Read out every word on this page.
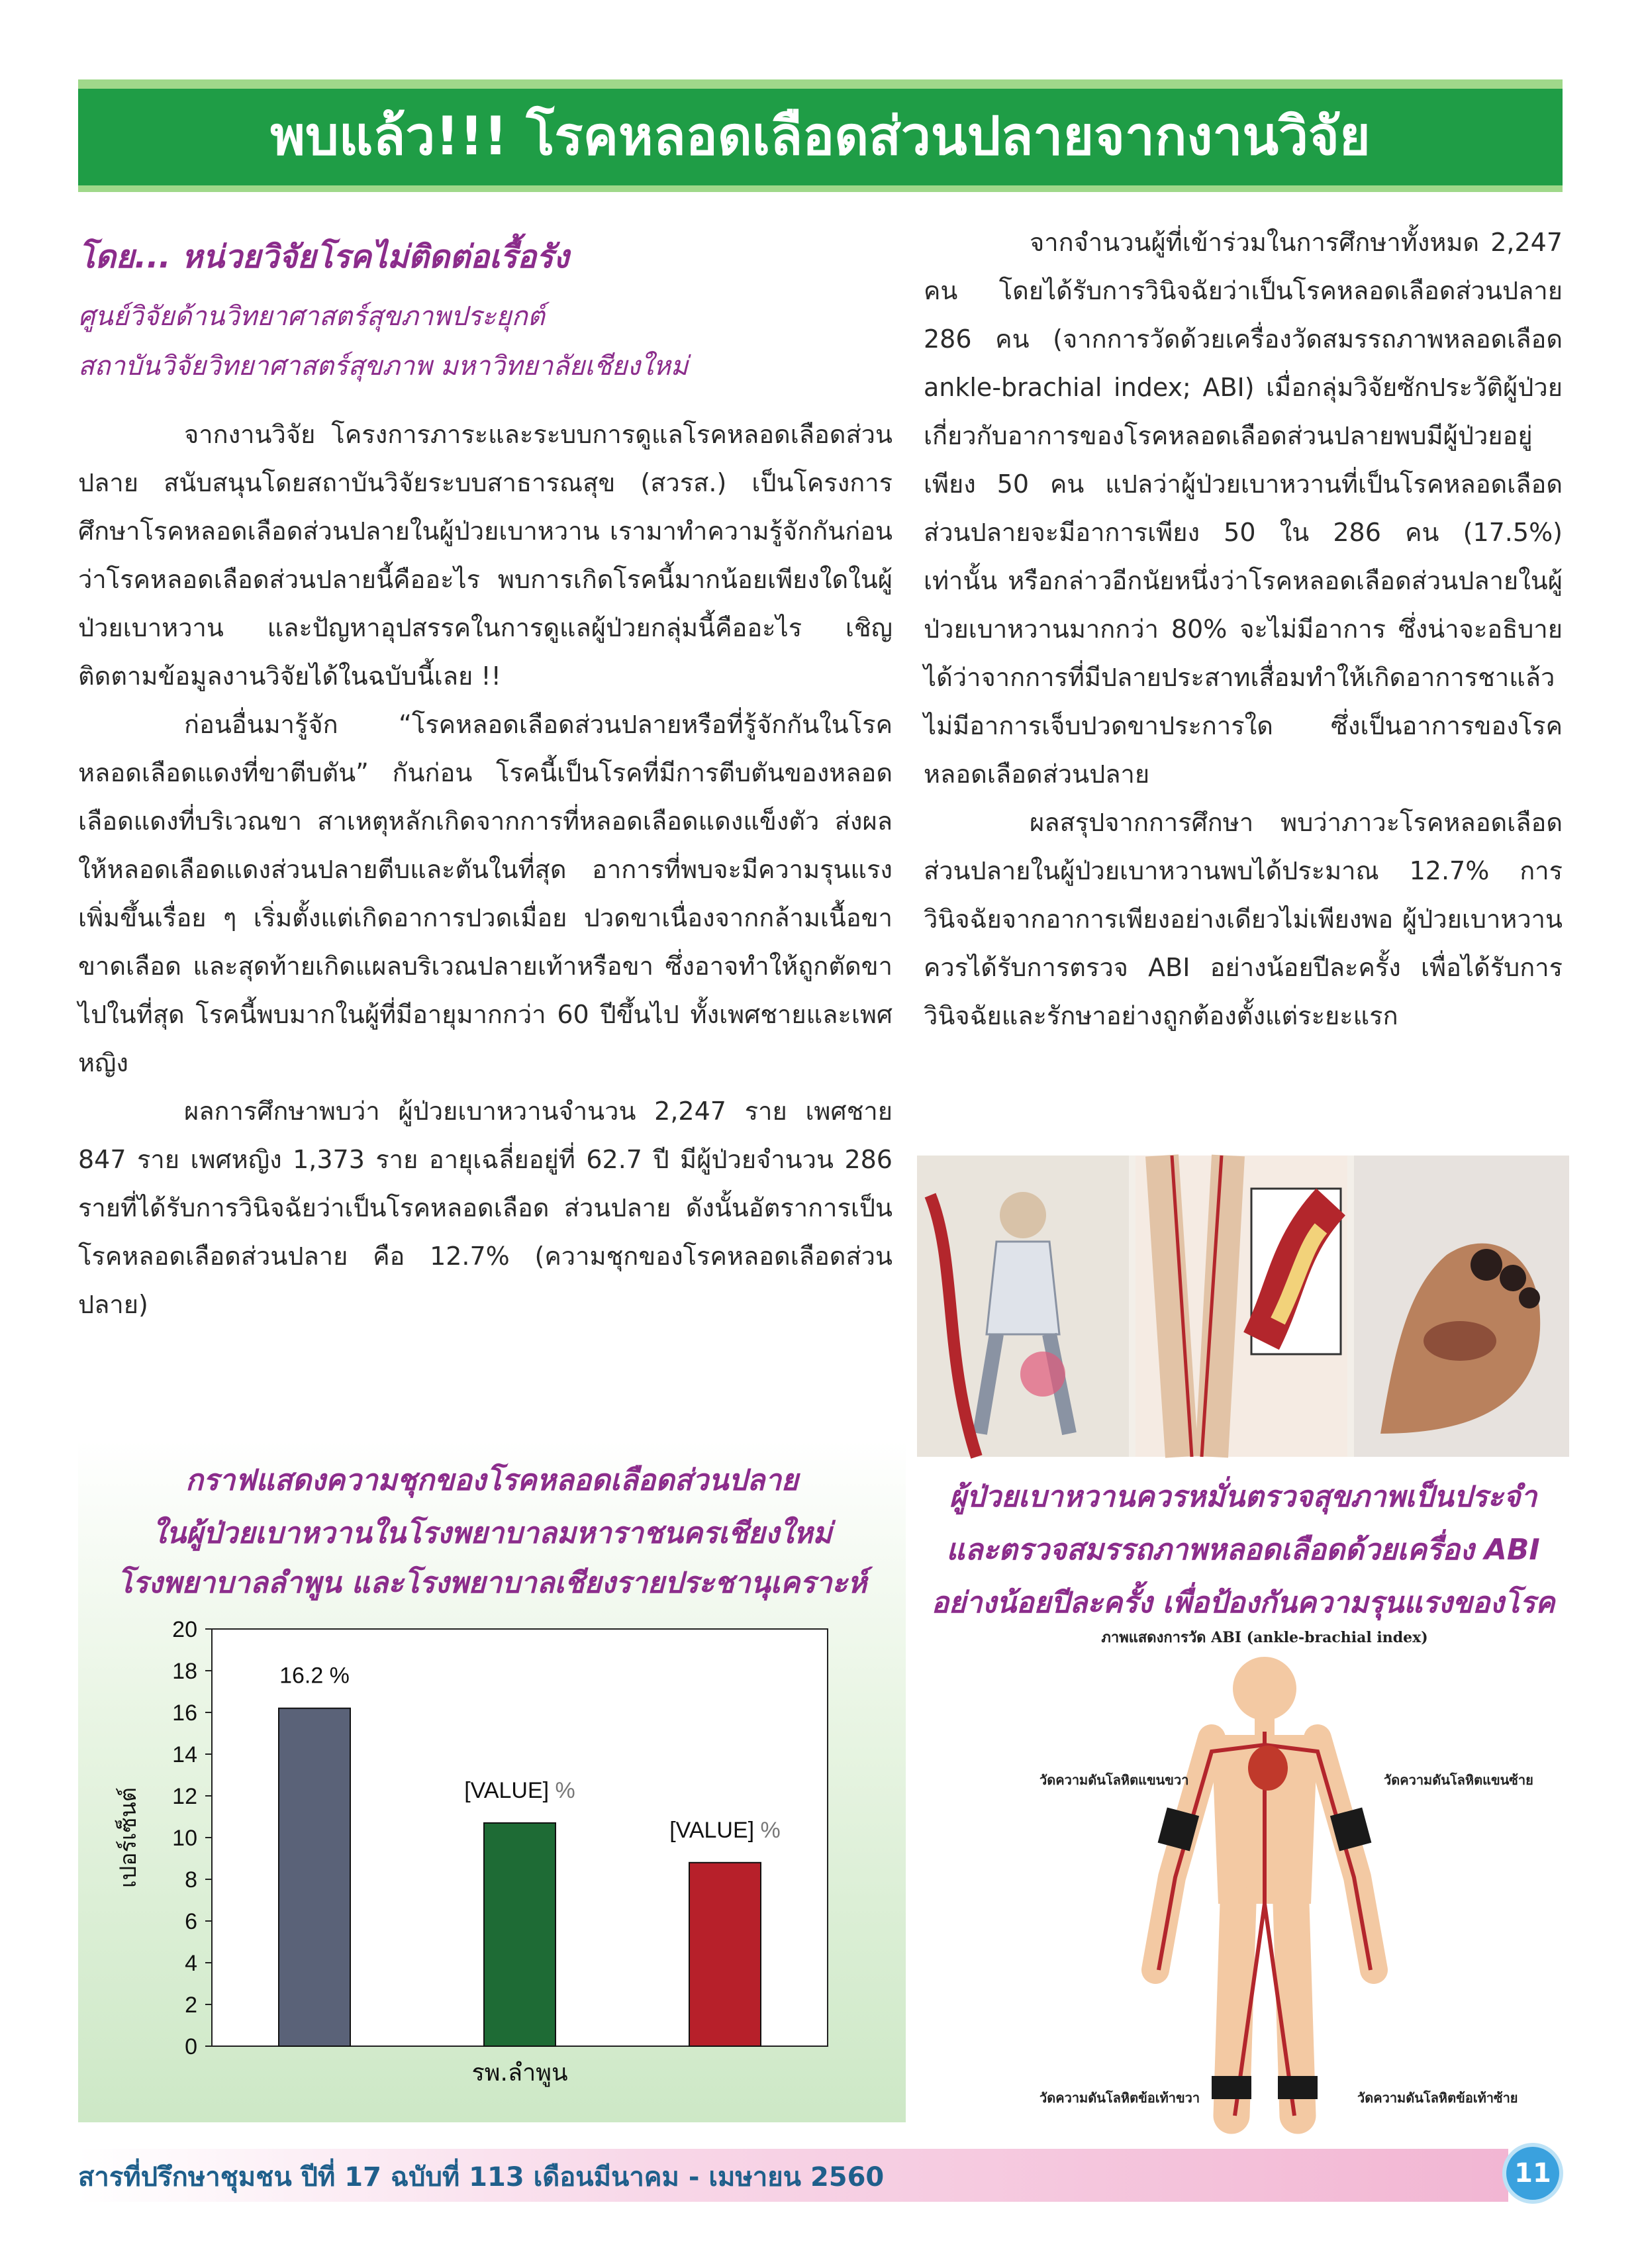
พบแล้ว!!! โรคหลอดเลือดส่วนปลายจากงานวิจัย
โดย... หน่วยวิจัยโรคไม่ติดต่อเรื้อรัง
ศูนย์วิจัยด้านวิทยาศาสตร์สุขภาพประยุกต์
สถาบันวิจัยวิทยาศาสตร์สุขภาพ มหาวิทยาลัยเชียงใหม่

จากงานวิจัย โครงการภาระและระบบการดูแลโรคหลอดเลือดส่วนปลาย สนับสนุนโดยสถาบันวิจัยระบบสาธารณสุข (สวรส.) เป็นโครงการศึกษาโรคหลอดเลือดส่วนปลายในผู้ป่วยเบาหวาน เรามาทำความรู้จักกันก่อนว่าโรคหลอดเลือดส่วนปลายนี้คืออะไร พบการเกิดโรคนี้มากน้อยเพียงใดในผู้ป่วยเบาหวาน และปัญหาอุปสรรคในการดูแลผู้ป่วยกลุ่มนี้คืออะไร เชิญติดตามข้อมูลงานวิจัยได้ในฉบับนี้เลย !!

ก่อนอื่นมารู้จัก “โรคหลอดเลือดส่วนปลายหรือที่รู้จักกันในโรคหลอดเลือดแดงที่ขาตีบตัน” กันก่อน โรคนี้เป็นโรคที่มีการตีบตันของหลอดเลือดแดงที่บริเวณขา สาเหตุหลักเกิดจากการที่หลอดเลือดแดงแข็งตัว ส่งผลให้หลอดเลือดแดงส่วนปลายตีบและตันในที่สุด อาการที่พบจะมีความรุนแรงเพิ่มขึ้นเรื่อย ๆ เริ่มตั้งแต่เกิดอาการปวดเมื่อย ปวดขาเนื่องจากกล้ามเนื้อขาขาดเลือด และสุดท้ายเกิดแผลบริเวณปลายเท้าหรือขา ซึ่งอาจทำให้ถูกตัดขาไปในที่สุด โรคนี้พบมากในผู้ที่มีอายุมากกว่า 60 ปีขึ้นไป ทั้งเพศชายและเพศหญิง

ผลการศึกษาพบว่า ผู้ป่วยเบาหวานจำนวน 2,247 ราย เพศชาย 847 ราย เพศหญิง 1,373 ราย อายุเฉลี่ยอยู่ที่ 62.7 ปี มีผู้ป่วยจำนวน 286 รายที่ได้รับการวินิจฉัยว่าเป็นโรคหลอดเลือด ส่วนปลาย ดังนั้นอัตราการเป็นโรคหลอดเลือดส่วนปลาย คือ 12.7% (ความชุกของโรคหลอดเลือดส่วนปลาย)

จากจำนวนผู้ที่เข้าร่วมในการศึกษาทั้งหมด 2,247 คน โดยได้รับการวินิจฉัยว่าเป็นโรคหลอดเลือดส่วนปลาย 286 คน (จากการวัดด้วยเครื่องวัดสมรรถภาพหลอดเลือด ankle-brachial index; ABI) เมื่อกลุ่มวิจัยซักประวัติผู้ป่วยเกี่ยวกับอาการของโรคหลอดเลือดส่วนปลายพบมีผู้ป่วยอยู่เพียง 50 คน แปลว่าผู้ป่วยเบาหวานที่เป็นโรคหลอดเลือดส่วนปลายจะมีอาการเพียง 50 ใน 286 คน (17.5%) เท่านั้น หรือกล่าวอีกนัยหนึ่งว่าโรคหลอดเลือดส่วนปลายในผู้ป่วยเบาหวานมากกว่า 80% จะไม่มีอาการ ซึ่งน่าจะอธิบายได้ว่าจากการที่มีปลายประสาทเสื่อมทำให้เกิดอาการชาแล้วไม่มีอาการเจ็บปวดขาประการใด ซึ่งเป็นอาการของโรคหลอดเลือดส่วนปลาย

ผลสรุปจากการศึกษา พบว่าภาวะโรคหลอดเลือดส่วนปลายในผู้ป่วยเบาหวานพบได้ประมาณ 12.7% การวินิจฉัยจากอาการเพียงอย่างเดียวไม่เพียงพอ ผู้ป่วยเบาหวานควรได้รับการตรวจ ABI อย่างน้อยปีละครั้ง เพื่อได้รับการวินิจฉัยและรักษาอย่างถูกต้องตั้งแต่ระยะแรก

กราฟแสดงความชุกของโรคหลอดเลือดส่วนปลาย
ในผู้ป่วยเบาหวานในโรงพยาบาลมหาราชนครเชียงใหม่
โรงพยาบาลลำพูน และโรงพยาบาลเชียงรายประชานุเคราะห์
0
2
4
6
8
10
12
14
16
18
20
เปอร์เซ็นต์
16.2 %
[VALUE] %
รพ.ลำพูน
[VALUE] %
ผู้ป่วยเบาหวานควรหมั่นตรวจสุขภาพเป็นประจำ
และตรวจสมรรถภาพหลอดเลือดด้วยเครื่อง ABI
อย่างน้อยปีละครั้ง เพื่อป้องกันความรุนแรงของโรค
ภาพแสดงการวัด ABI (ankle-brachial index)
วัดความดันโลหิตแขนขวา	วัดความดันโลหิตแขนซ้าย
วัดความดันโลหิตข้อเท้าขวา	วัดความดันโลหิตข้อเท้าซ้าย
สารที่ปรึกษาชุมชน ปีที่ 17 ฉบับที่ 113 เดือนมีนาคม - เมษายน 2560	11
